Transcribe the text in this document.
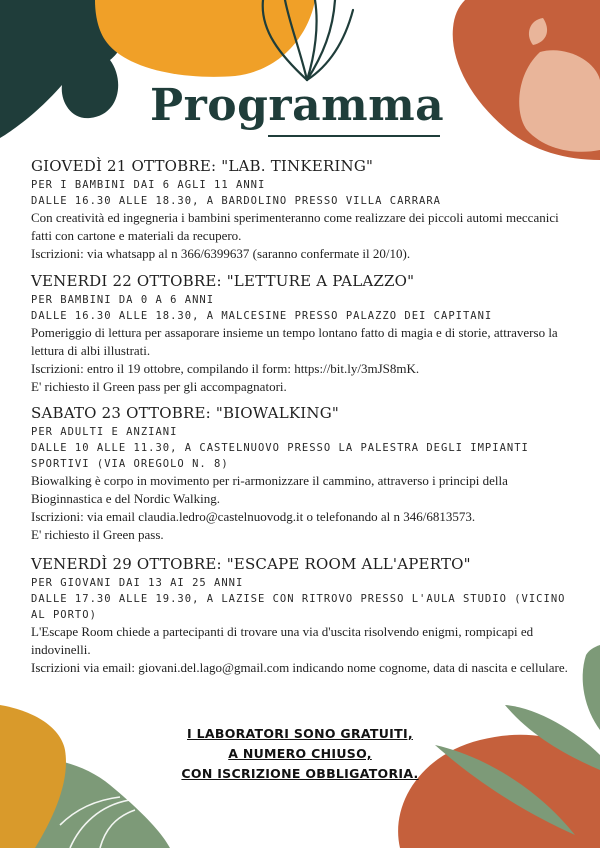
Programma

GIOVEDÌ 21 OTTOBRE: "LAB. TINKERING"

PER I BAMBINI DAI 6 AGLI 11 ANNI

DALLE 16.30 ALLE 18.30, A BARDOLINO PRESSO VILLA CARRARA

Con creatività ed ingegneria i bambini sperimenteranno come realizzare dei piccoli automi meccanici fatti con cartone e materiali da recupero.

Iscrizioni: via whatsapp al n 366/6399637 (saranno confermate il 20/10).

VENERDI 22 OTTOBRE: "LETTURE A PALAZZO"

PER BAMBINI DA 0 A 6 ANNI

DALLE 16.30 ALLE 18.30, A MALCESINE PRESSO PALAZZO DEI CAPITANI

Pomeriggio di lettura per assaporare insieme un tempo lontano fatto di magia e di storie, attraverso la lettura di albi illustrati.

Iscrizioni: entro il 19 ottobre, compilando il form: https://bit.ly/3mJS8mK.

E' richiesto il Green pass per gli accompagnatori.

SABATO 23 OTTOBRE: "BIOWALKING"

PER ADULTI E ANZIANI

DALLE 10 ALLE 11.30, A CASTELNUOVO PRESSO LA PALESTRA DEGLI IMPIANTI SPORTIVI (VIA OREGOLO N. 8)

Biowalking è corpo in movimento per ri-armonizzare il cammino, attraverso i principi della Bioginnastica e del Nordic Walking.

Iscrizioni: via email claudia.ledro@castelnuovodg.it o telefonando al n 346/6813573.

E' richiesto il Green pass.

VENERDÌ 29 OTTOBRE: "ESCAPE ROOM ALL'APERTO"

PER GIOVANI DAI 13 AI 25 ANNI

DALLE 17.30 ALLE 19.30, A LAZISE CON RITROVO PRESSO L'AULA STUDIO (VICINO AL PORTO)

L'Escape Room chiede a partecipanti di trovare una via d'uscita risolvendo enigmi, rompicapi ed indovinelli.

Iscrizioni via email: giovani.del.lago@gmail.com indicando nome cognome, data di nascita e cellulare.

I LABORATORI SONO GRATUITI,
A NUMERO CHIUSO,
CON ISCRIZIONE OBBLIGATORIA.
